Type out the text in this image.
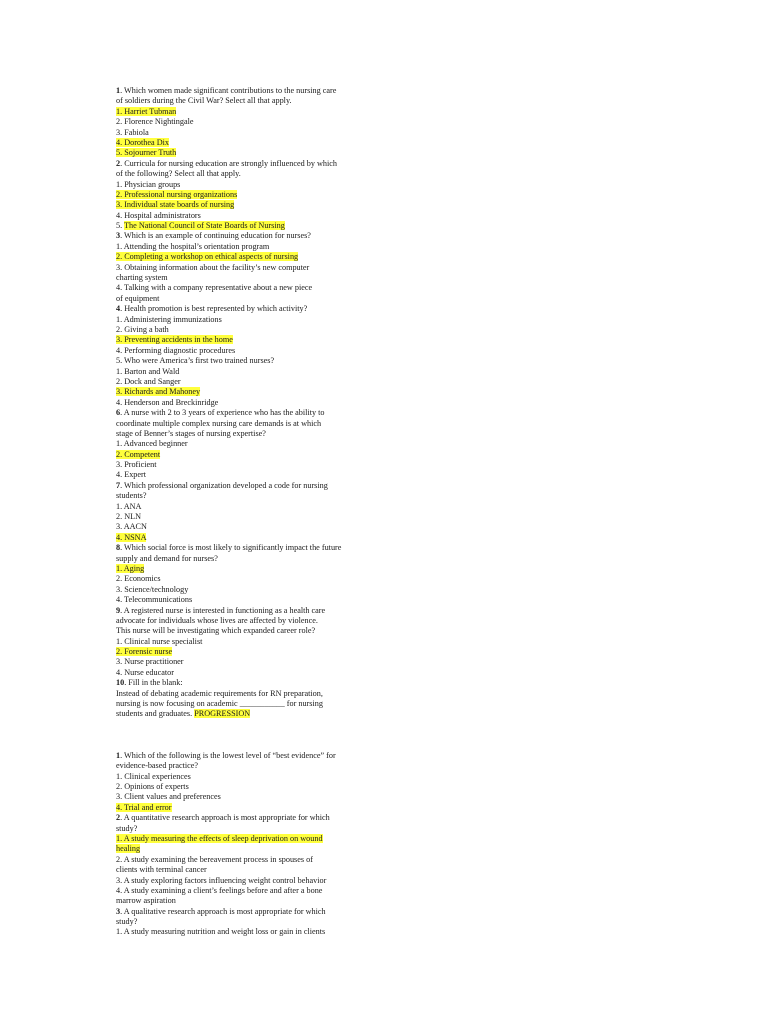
1. Which women made significant contributions to the nursing care
of soldiers during the Civil War? Select all that apply.
1. Harriet Tubman
2. Florence Nightingale
3. Fabiola
4. Dorothea Dix
5. Sojourner Truth
2. Curricula for nursing education are strongly influenced by which
of the following? Select all that apply.
1. Physician groups
2. Professional nursing organizations
3. Individual state boards of nursing
4. Hospital administrators
5. The National Council of State Boards of Nursing
3. Which is an example of continuing education for nurses?
1. Attending the hospital’s orientation program
2. Completing a workshop on ethical aspects of nursing
3. Obtaining information about the facility’s new computer
charting system
4. Talking with a company representative about a new piece
of equipment
4. Health promotion is best represented by which activity?
1. Administering immunizations
2. Giving a bath
3. Preventing accidents in the home
4. Performing diagnostic procedures
5. Who were America’s first two trained nurses?
1. Barton and Wald
2. Dock and Sanger
3. Richards and Mahoney
4. Henderson and Breckinridge
6. A nurse with 2 to 3 years of experience who has the ability to
coordinate multiple complex nursing care demands is at which
stage of Benner’s stages of nursing expertise?
1. Advanced beginner
2. Competent
3. Proficient
4. Expert
7. Which professional organization developed a code for nursing
students?
1. ANA
2. NLN
3. AACN
4. NSNA
8. Which social force is most likely to significantly impact the future
supply and demand for nurses?
1. Aging
2. Economics
3. Science/technology
4. Telecommunications
9. A registered nurse is interested in functioning as a health care
advocate for individuals whose lives are affected by violence.
This nurse will be investigating which expanded career role?
1. Clinical nurse specialist
2. Forensic nurse
3. Nurse practitioner
4. Nurse educator
10. Fill in the blank:
Instead of debating academic requirements for RN preparation,
nursing is now focusing on academic ___________ for nursing
students and graduates. PROGRESSION
1. Which of the following is the lowest level of “best evidence” for
evidence-based practice?
1. Clinical experiences
2. Opinions of experts
3. Client values and preferences
4. Trial and error
2. A quantitative research approach is most appropriate for which
study?
1. A study measuring the effects of sleep deprivation on wound
healing
2. A study examining the bereavement process in spouses of
clients with terminal cancer
3. A study exploring factors influencing weight control behavior
4. A study examining a client’s feelings before and after a bone
marrow aspiration
3. A qualitative research approach is most appropriate for which
study?
1. A study measuring nutrition and weight loss or gain in clients
